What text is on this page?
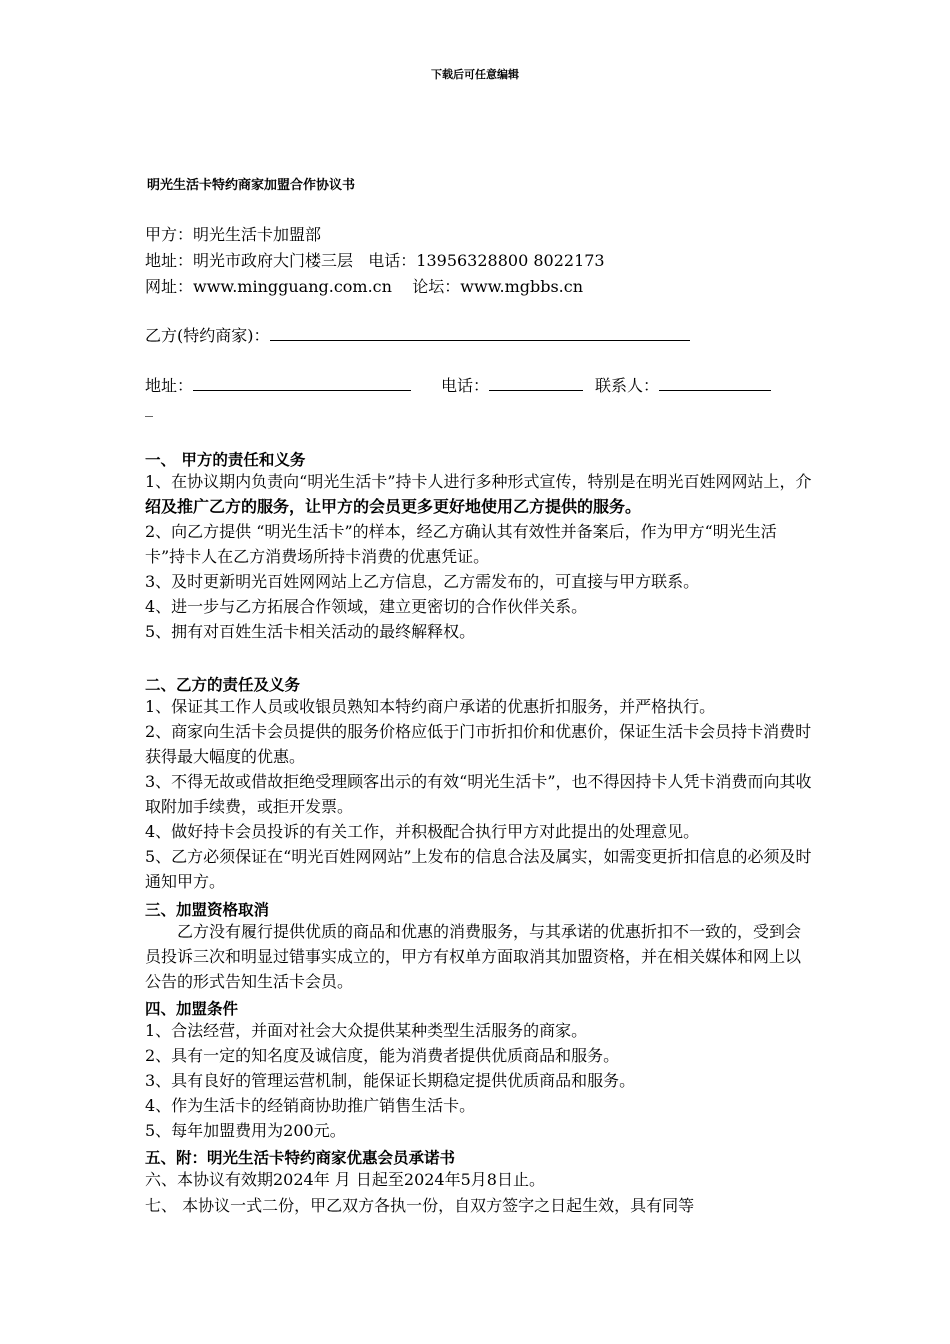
下载后可任意编辑
明光生活卡特约商家加盟合作协议书
甲方：明光生活卡加盟部
地址：明光市政府大门楼三层 电话：13956328800 8022173
网址：www.mingguang.com.cn 论坛：www.mgbbs.cn
乙方(特约商家)：
地址：	电话：	联系人：
_
一、 甲方的责任和义务
1、在协议期内负责向“明光生活卡”持卡人进行多种形式宣传，特别是在明光百姓网网站上，介绍及推广乙方的服务，让甲方的会员更多更好地使用乙方提供的服务。
2、向乙方提供 “明光生活卡”的样本，经乙方确认其有效性并备案后，作为甲方“明光生活卡”持卡人在乙方消费场所持卡消费的优惠凭证。
3、及时更新明光百姓网网站上乙方信息，乙方需发布的，可直接与甲方联系。
4、进一步与乙方拓展合作领域，建立更密切的合作伙伴关系。
5、拥有对百姓生活卡相关活动的最终解释权。
二、乙方的责任及义务
1、保证其工作人员或收银员熟知本特约商户承诺的优惠折扣服务，并严格执行。
2、商家向生活卡会员提供的服务价格应低于门市折扣价和优惠价，保证生活卡会员持卡消费时获得最大幅度的优惠。
3、不得无故或借故拒绝受理顾客出示的有效“明光生活卡”，也不得因持卡人凭卡消费而向其收取附加手续费，或拒开发票。
4、做好持卡会员投诉的有关工作，并积极配合执行甲方对此提出的处理意见。
5、乙方必须保证在“明光百姓网网站”上发布的信息合法及属实，如需变更折扣信息的必须及时通知甲方。
三、加盟资格取消
乙方没有履行提供优质的商品和优惠的消费服务，与其承诺的优惠折扣不一致的，受到会员投诉三次和明显过错事实成立的，甲方有权单方面取消其加盟资格，并在相关媒体和网上以公告的形式告知生活卡会员。
四、加盟条件
1、合法经营，并面对社会大众提供某种类型生活服务的商家。
2、具有一定的知名度及诚信度，能为消费者提供优质商品和服务。
3、具有良好的管理运营机制，能保证长期稳定提供优质商品和服务。
4、作为生活卡的经销商协助推广销售生活卡。
5、每年加盟费用为200元。
五、附：明光生活卡特约商家优惠会员承诺书
六、本协议有效期2024年 月 日起至2024年5月8日止。
七、 本协议一式二份，甲乙双方各执一份，自双方签字之日起生效，具有同等
